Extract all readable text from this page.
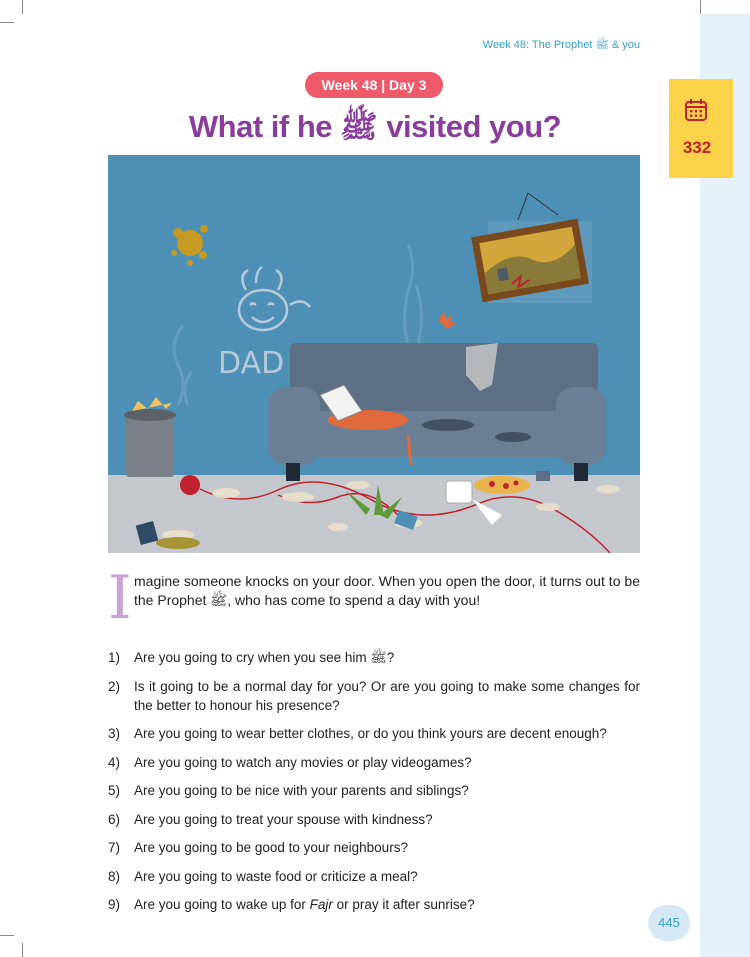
Week 48: The Prophet ﷺ & you
332
Week 48 | Day 3
What if he ﷺ visited you?
DAD
I magine someone knocks on your door. When you open the door, it turns out to be the Prophet ﷺ, who has come to spend a day with you!

1) Are you going to cry when you see him ﷺ?
2) Is it going to be a normal day for you? Or are you going to make some changes for the better to honour his presence?
3) Are you going to wear better clothes, or do you think yours are decent enough?
4) Are you going to watch any movies or play videogames?
5) Are you going to be nice with your parents and siblings?
6) Are you going to treat your spouse with kindness?
7) Are you going to be good to your neighbours?
8) Are you going to waste food or criticize a meal?
9) Are you going to wake up for Fajr or pray it after sunrise?
445
